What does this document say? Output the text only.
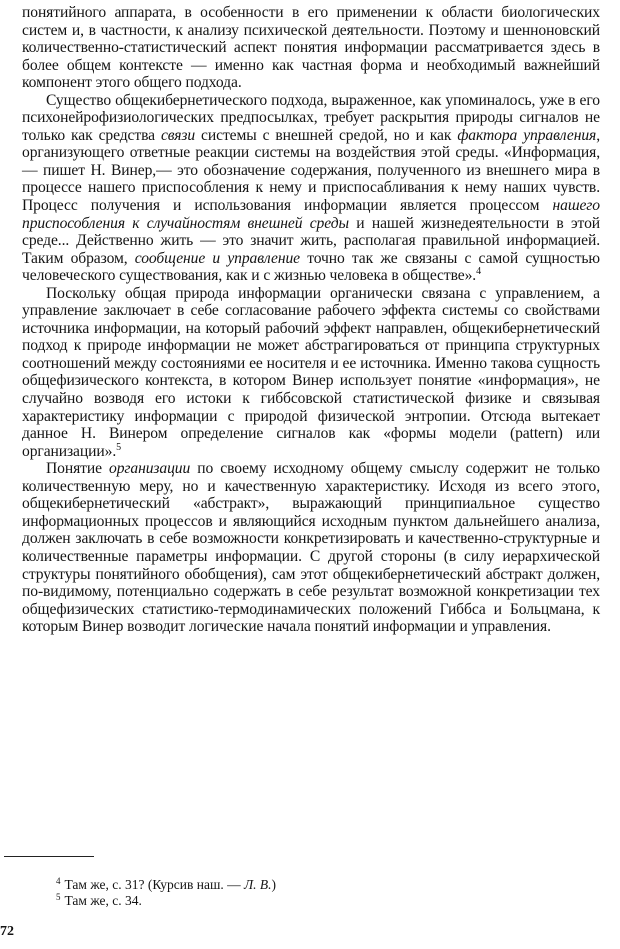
понятийного аппарата, в особенности в его применении к области биологических систем и, в частности, к анализу психической деятельности. Поэтому и шенноновский количественно-статистический аспект понятия информации рассматривается здесь в более общем контексте — именно как частная форма и необходимый важнейший компонент этого общего подхода.

Существо общекибернетического подхода, выраженное, как упоминалось, уже в его психонейрофизиологических предпосылках, требует раскрытия природы сигналов не только как средства связи системы с внешней средой, но и как фактора управления, организующего ответные реакции системы на воздействия этой среды. «Информация,— пишет Н. Винер,— это обозначение содержания, полученного из внешнего мира в процессе нашего приспособления к нему и приспосабливания к нему наших чувств. Процесс получения и использования информации является процессом нашего приспособления к случайностям внешней среды и нашей жизнедеятельности в этой среде... Действенно жить — это значит жить, располагая правильной информацией. Таким образом, сообщение и управление точно так же связаны с самой сущностью человеческого существования, как и с жизнью человека в обществе».$^4$

Поскольку общая природа информации органически связана с управлением, а управление заключает в себе согласование рабочего эффекта системы со свойствами источника информации, на который рабочий эффект направлен, общекибернетический подход к природе информации не может абстрагироваться от принципа структурных соотношений между состояниями ее носителя и ее источника. Именно такова сущность общефизического контекста, в котором Винер использует понятие «информация», не случайно возводя его истоки к гиббсовской статистической физике и связывая характеристику информации с природой физической энтропии. Отсюда вытекает данное Н. Винером определение сигналов как «формы модели (pattern) или организации».$^5$

Понятие организации по своему исходному общему смыслу содержит не только количественную меру, но и качественную характеристику. Исходя из всего этого, общекибернетический «абстракт», выражающий принципиальное существо информационных процессов и являющийся исходным пунктом дальнейшего анализа, должен заключать в себе возможности конкретизировать и качественно-структурные и количественные параметры информации. С другой стороны (в силу иерархической структуры понятийного обобщения), сам этот общекибернетический абстракт должен, по-видимому, потенциально содержать в себе результат возможной конкретизации тех общефизических статистико-термодинамических положений Гиббса и Больцмана, к которым Винер возводит логические начала понятий информации и управления.

$^4$ Там же, с. 31? (Курсив наш. — Л. В.)
$^5$ Там же, с. 34.
72
